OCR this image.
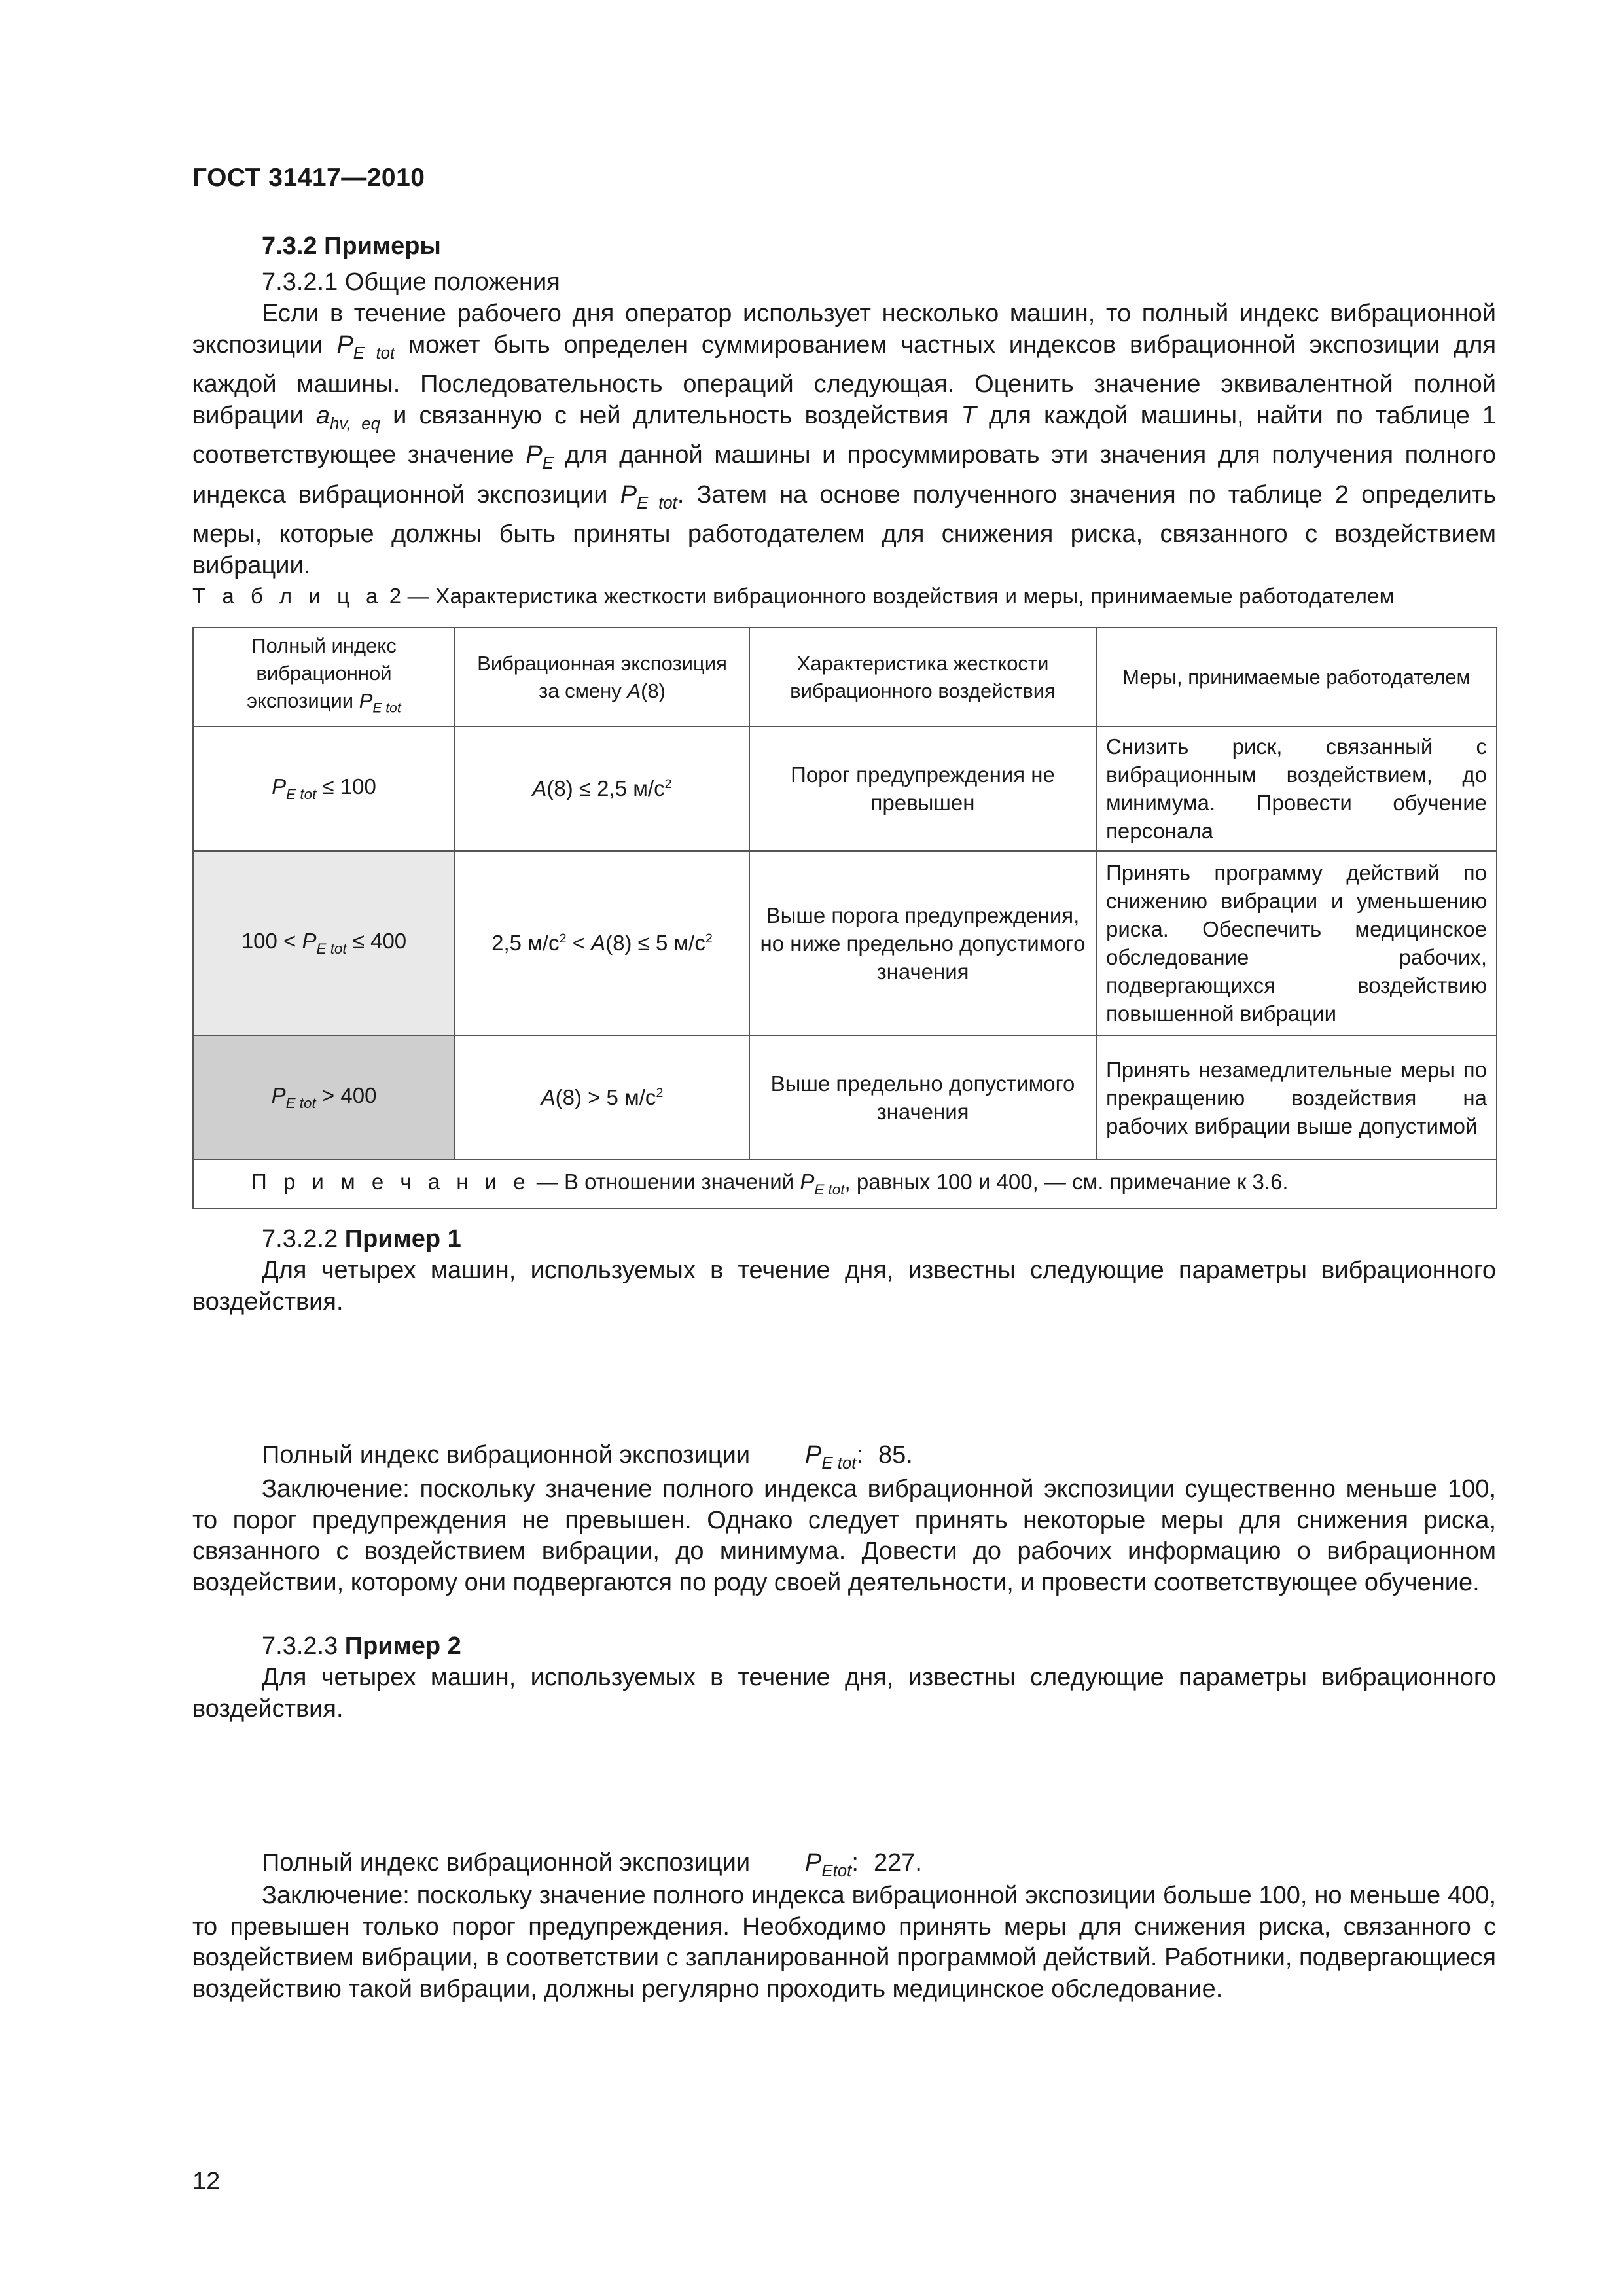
ГОСТ 31417—2010
7.3.2 Примеры
7.3.2.1 Общие положения
Если в течение рабочего дня оператор использует несколько машин, то полный индекс вибрационной экспозиции $P_{E tot}$ может быть определен суммированием частных индексов вибрационной экспозиции для каждой машины. Последовательность операций следующая. Оценить значение эквивалентной полной вибрации $a_{hv, eq}$ и связанную с ней длительность воздействия T для каждой машины, найти по таблице 1 соответствующее значение $P_E$ для данной машины и просуммировать эти значения для получения полного индекса вибрационной экспозиции $P_{E tot}$. Затем на основе полученного значения по таблице 2 определить меры, которые должны быть приняты работодателем для снижения риска, связанного с воздействием вибрации.
Т а б л и ц а 2 — Характеристика жесткости вибрационного воздействия и меры, принимаемые работодателем
Полный индекс вибрационной экспозиции $P_{E tot}$	Вибрационная экспозиция за смену A(8)	Характеристика жесткости вибрационного воздействия	Меры, принимаемые работодателем
$P_{E tot} \le 100$	A(8) ≤ 2,5 $м/с^2$	Порог предупреждения не превышен	Снизить риск, связанный с вибрационным воздействием, до минимума. Провести обучение персонала
$100 < P_{E tot} \le 400$	2,5 $м/с^2 < A(8) \le 5$ $м/с^2$	Выше порога предупреждения, но ниже предельно допустимого значения	Принять программу действий по снижению вибрации и уменьшению риска. Обеспечить медицинское обследование рабочих, подвергающихся воздействию повышенной вибрации
$P_{E tot} > 400$	A(8) > 5 $м/с^2$	Выше предельно допустимого значения	Принять незамедлительные меры по прекращению воздействия на рабочих вибрации выше допустимой
П р и м е ч а н и е — В отношении значений $P_{E tot}$, равных 100 и 400, — см. примечание к 3.6.			
7.3.2.2 Пример 1
Для четырех машин, используемых в течение дня, известны следующие параметры вибрационного воздействия.
Полный индекс вибрационной экспозиции $P_{E tot}$: 85.
Заключение: поскольку значение полного индекса вибрационной экспозиции существенно меньше 100, то порог предупреждения не превышен. Однако следует принять некоторые меры для снижения риска, связанного с воздействием вибрации, до минимума. Довести до рабочих информацию о вибрационном воздействии, которому они подвергаются по роду своей деятельности, и провести соответствующее обучение.
7.3.2.3 Пример 2
Для четырех машин, используемых в течение дня, известны следующие параметры вибрационного воздействия.
Полный индекс вибрационной экспозиции $P_{Etot}$: 227.
Заключение: поскольку значение полного индекса вибрационной экспозиции больше 100, но меньше 400, то превышен только порог предупреждения. Необходимо принять меры для снижения риска, связанного с воздействием вибрации, в соответствии с запланированной программой действий. Работники, подвергающиеся воздействию такой вибрации, должны регулярно проходить медицинское обследование.
12
